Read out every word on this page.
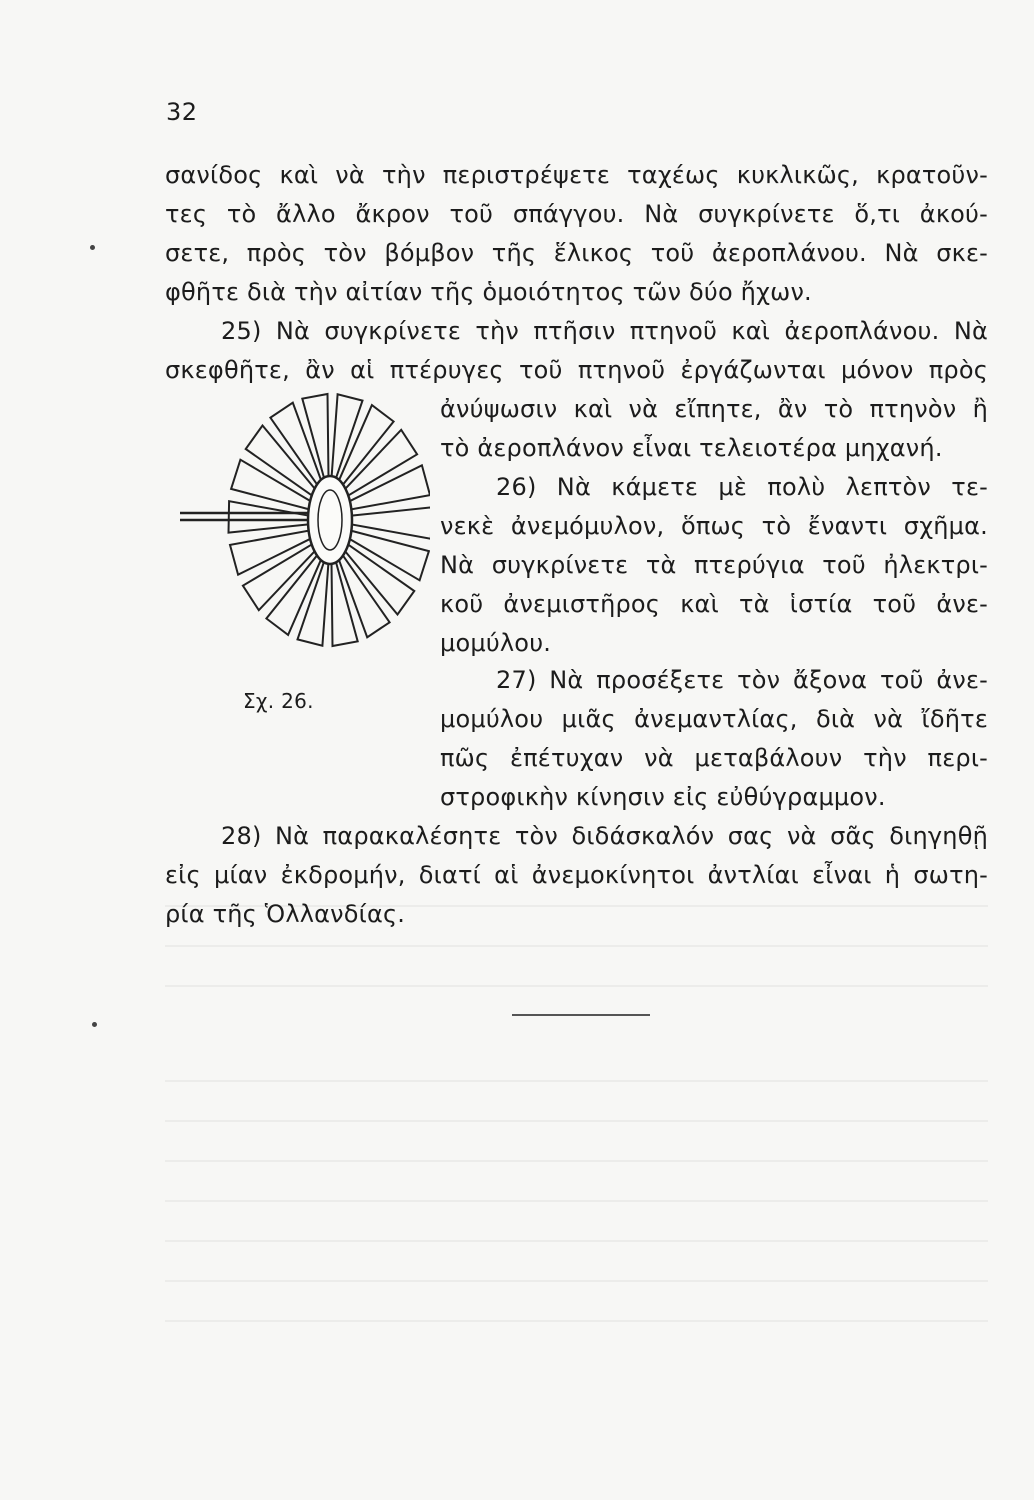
32
σανίδος καὶ νὰ τὴν περιστρέψετε ταχέως κυκλικῶς, κρατοῦν-
τες τὸ ἄλλο ἄκρον τοῦ σπάγγου. Νὰ συγκρίνετε ὅ,τι ἀκού-
σετε, πρὸς τὸν βόμβον τῆς ἕλικος τοῦ ἀεροπλάνου. Νὰ σκε-
φθῆτε διὰ τὴν αἰτίαν τῆς ὁμοιότητος τῶν δύο ἤχων.
25) Νὰ συγκρίνετε τὴν πτῆσιν πτηνοῦ καὶ ἀεροπλάνου. Νὰ
σκεφθῆτε, ἂν αἱ πτέρυγες τοῦ πτηνοῦ ἐργάζωνται μόνον πρὸς
ἀνύψωσιν καὶ νὰ εἴπητε, ἂν τὸ πτηνὸν ἢ
τὸ ἀεροπλάνον εἶναι τελειοτέρα μηχανή.
26) Νὰ κάμετε μὲ πολὺ λεπτὸν τε-
νεκὲ ἀνεμόμυλον, ὅπως τὸ ἔναντι σχῆμα.
Νὰ συγκρίνετε τὰ πτερύγια τοῦ ἠλεκτρι-
κοῦ ἀνεμιστῆρος καὶ τὰ ἱστία τοῦ ἀνε-
μομύλου.
27) Νὰ προσέξετε τὸν ἄξονα τοῦ ἀνε-
μομύλου μιᾶς ἀνεμαντλίας, διὰ νὰ ἴδῆτε
πῶς ἐπέτυχαν νὰ μεταβάλουν τὴν περι-
στροφικὴν κίνησιν εἰς εὐθύγραμμον.
28) Νὰ παρακαλέσητε τὸν διδάσκαλόν σας νὰ σᾶς διηγηθῇ
εἰς μίαν ἐκδρομήν, διατί αἱ ἀνεμοκίνητοι ἀντλίαι εἶναι ἡ σωτη-
ρία τῆς Ὁλλανδίας.
Σχ. 26.
